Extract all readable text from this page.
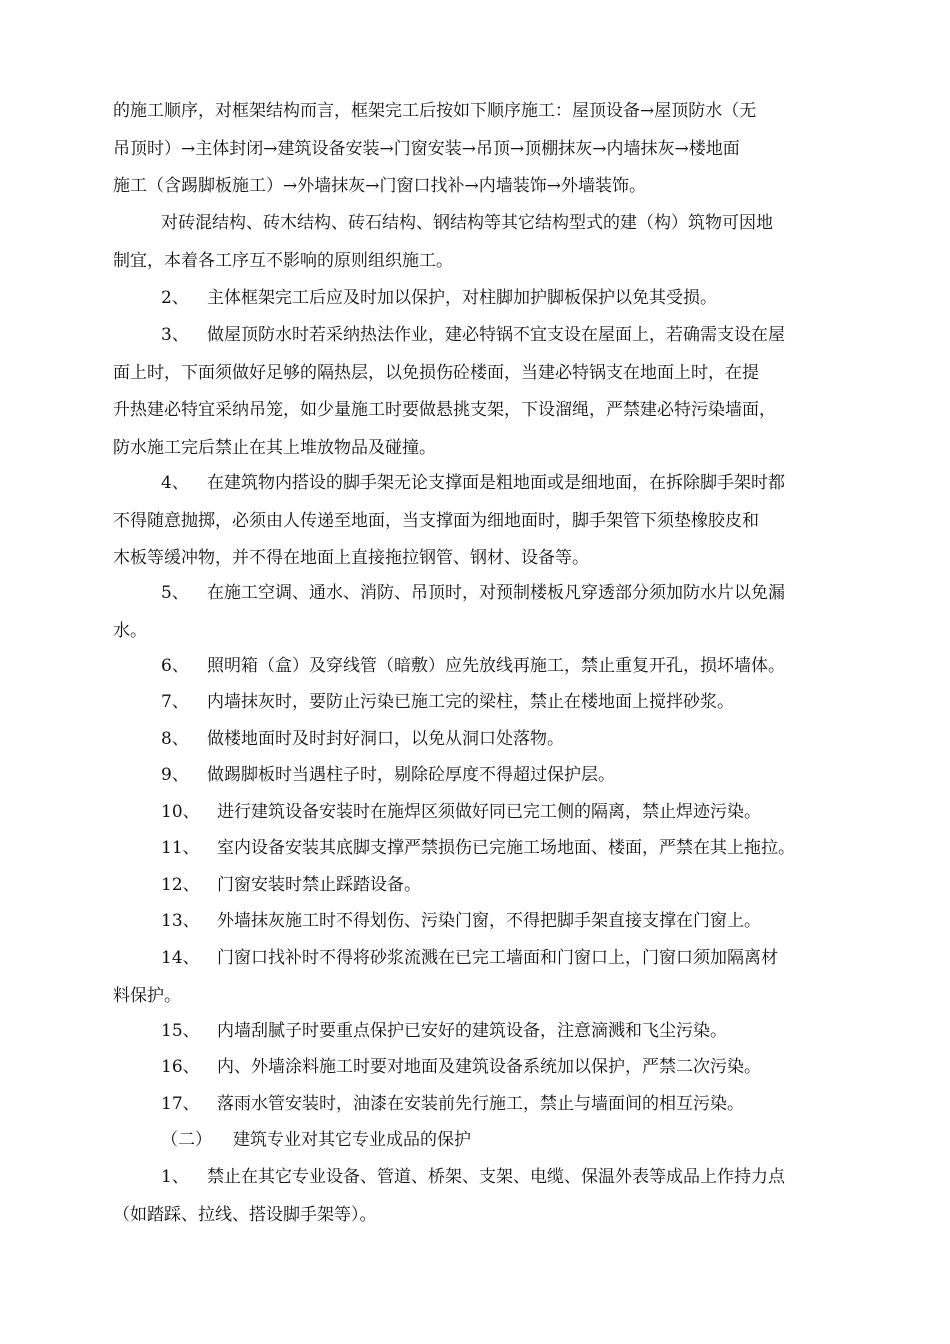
的施工顺序，对框架结构而言，框架完工后按如下顺序施工：屋顶设备→屋顶防水（无
吊顶时）→主体封闭→建筑设备安装→门窗安装→吊顶→顶棚抹灰→内墙抹灰→楼地面
施工（含踢脚板施工）→外墙抹灰→门窗口找补→内墙装饰→外墙装饰。
对砖混结构、砖木结构、砖石结构、钢结构等其它结构型式的建（构）筑物可因地
制宜，本着各工序互不影响的原则组织施工。
2、 主体框架完工后应及时加以保护，对柱脚加护脚板保护以免其受损。
3、 做屋顶防水时若采纳热法作业，建必特锅不宜支设在屋面上，若确需支设在屋
面上时，下面须做好足够的隔热层，以免损伤砼楼面，当建必特锅支在地面上时，在提
升热建必特宜采纳吊笼，如少量施工时要做悬挑支架，下设溜绳，严禁建必特污染墙面，
防水施工完后禁止在其上堆放物品及碰撞。
4、 在建筑物内搭设的脚手架无论支撑面是粗地面或是细地面，在拆除脚手架时都
不得随意抛掷，必须由人传递至地面，当支撑面为细地面时，脚手架管下须垫橡胶皮和
木板等缓冲物，并不得在地面上直接拖拉钢管、钢材、设备等。
5、 在施工空调、通水、消防、吊顶时，对预制楼板凡穿透部分须加防水片以免漏
水。
6、 照明箱（盒）及穿线管（暗敷）应先放线再施工，禁止重复开孔，损坏墙体。
7、 内墙抹灰时，要防止污染已施工完的梁柱，禁止在楼地面上搅拌砂浆。
8、 做楼地面时及时封好洞口，以免从洞口处落物。
9、 做踢脚板时当遇柱子时，剔除砼厚度不得超过保护层。
10、 进行建筑设备安装时在施焊区须做好同已完工侧的隔离，禁止焊迹污染。
11、 室内设备安装其底脚支撑严禁损伤已完施工场地面、楼面，严禁在其上拖拉。
12、 门窗安装时禁止踩踏设备。
13、 外墙抹灰施工时不得划伤、污染门窗，不得把脚手架直接支撑在门窗上。
14、 门窗口找补时不得将砂浆流溅在已完工墙面和门窗口上，门窗口须加隔离材
料保护。
15、 内墙刮腻子时要重点保护已安好的建筑设备，注意滴溅和飞尘污染。
16、 内、外墙涂料施工时要对地面及建筑设备系统加以保护，严禁二次污染。
17、 落雨水管安装时，油漆在安装前先行施工，禁止与墙面间的相互污染。
（二） 建筑专业对其它专业成品的保护
1、 禁止在其它专业设备、管道、桥架、支架、电缆、保温外表等成品上作持力点
（如踏踩、拉线、搭设脚手架等）。
